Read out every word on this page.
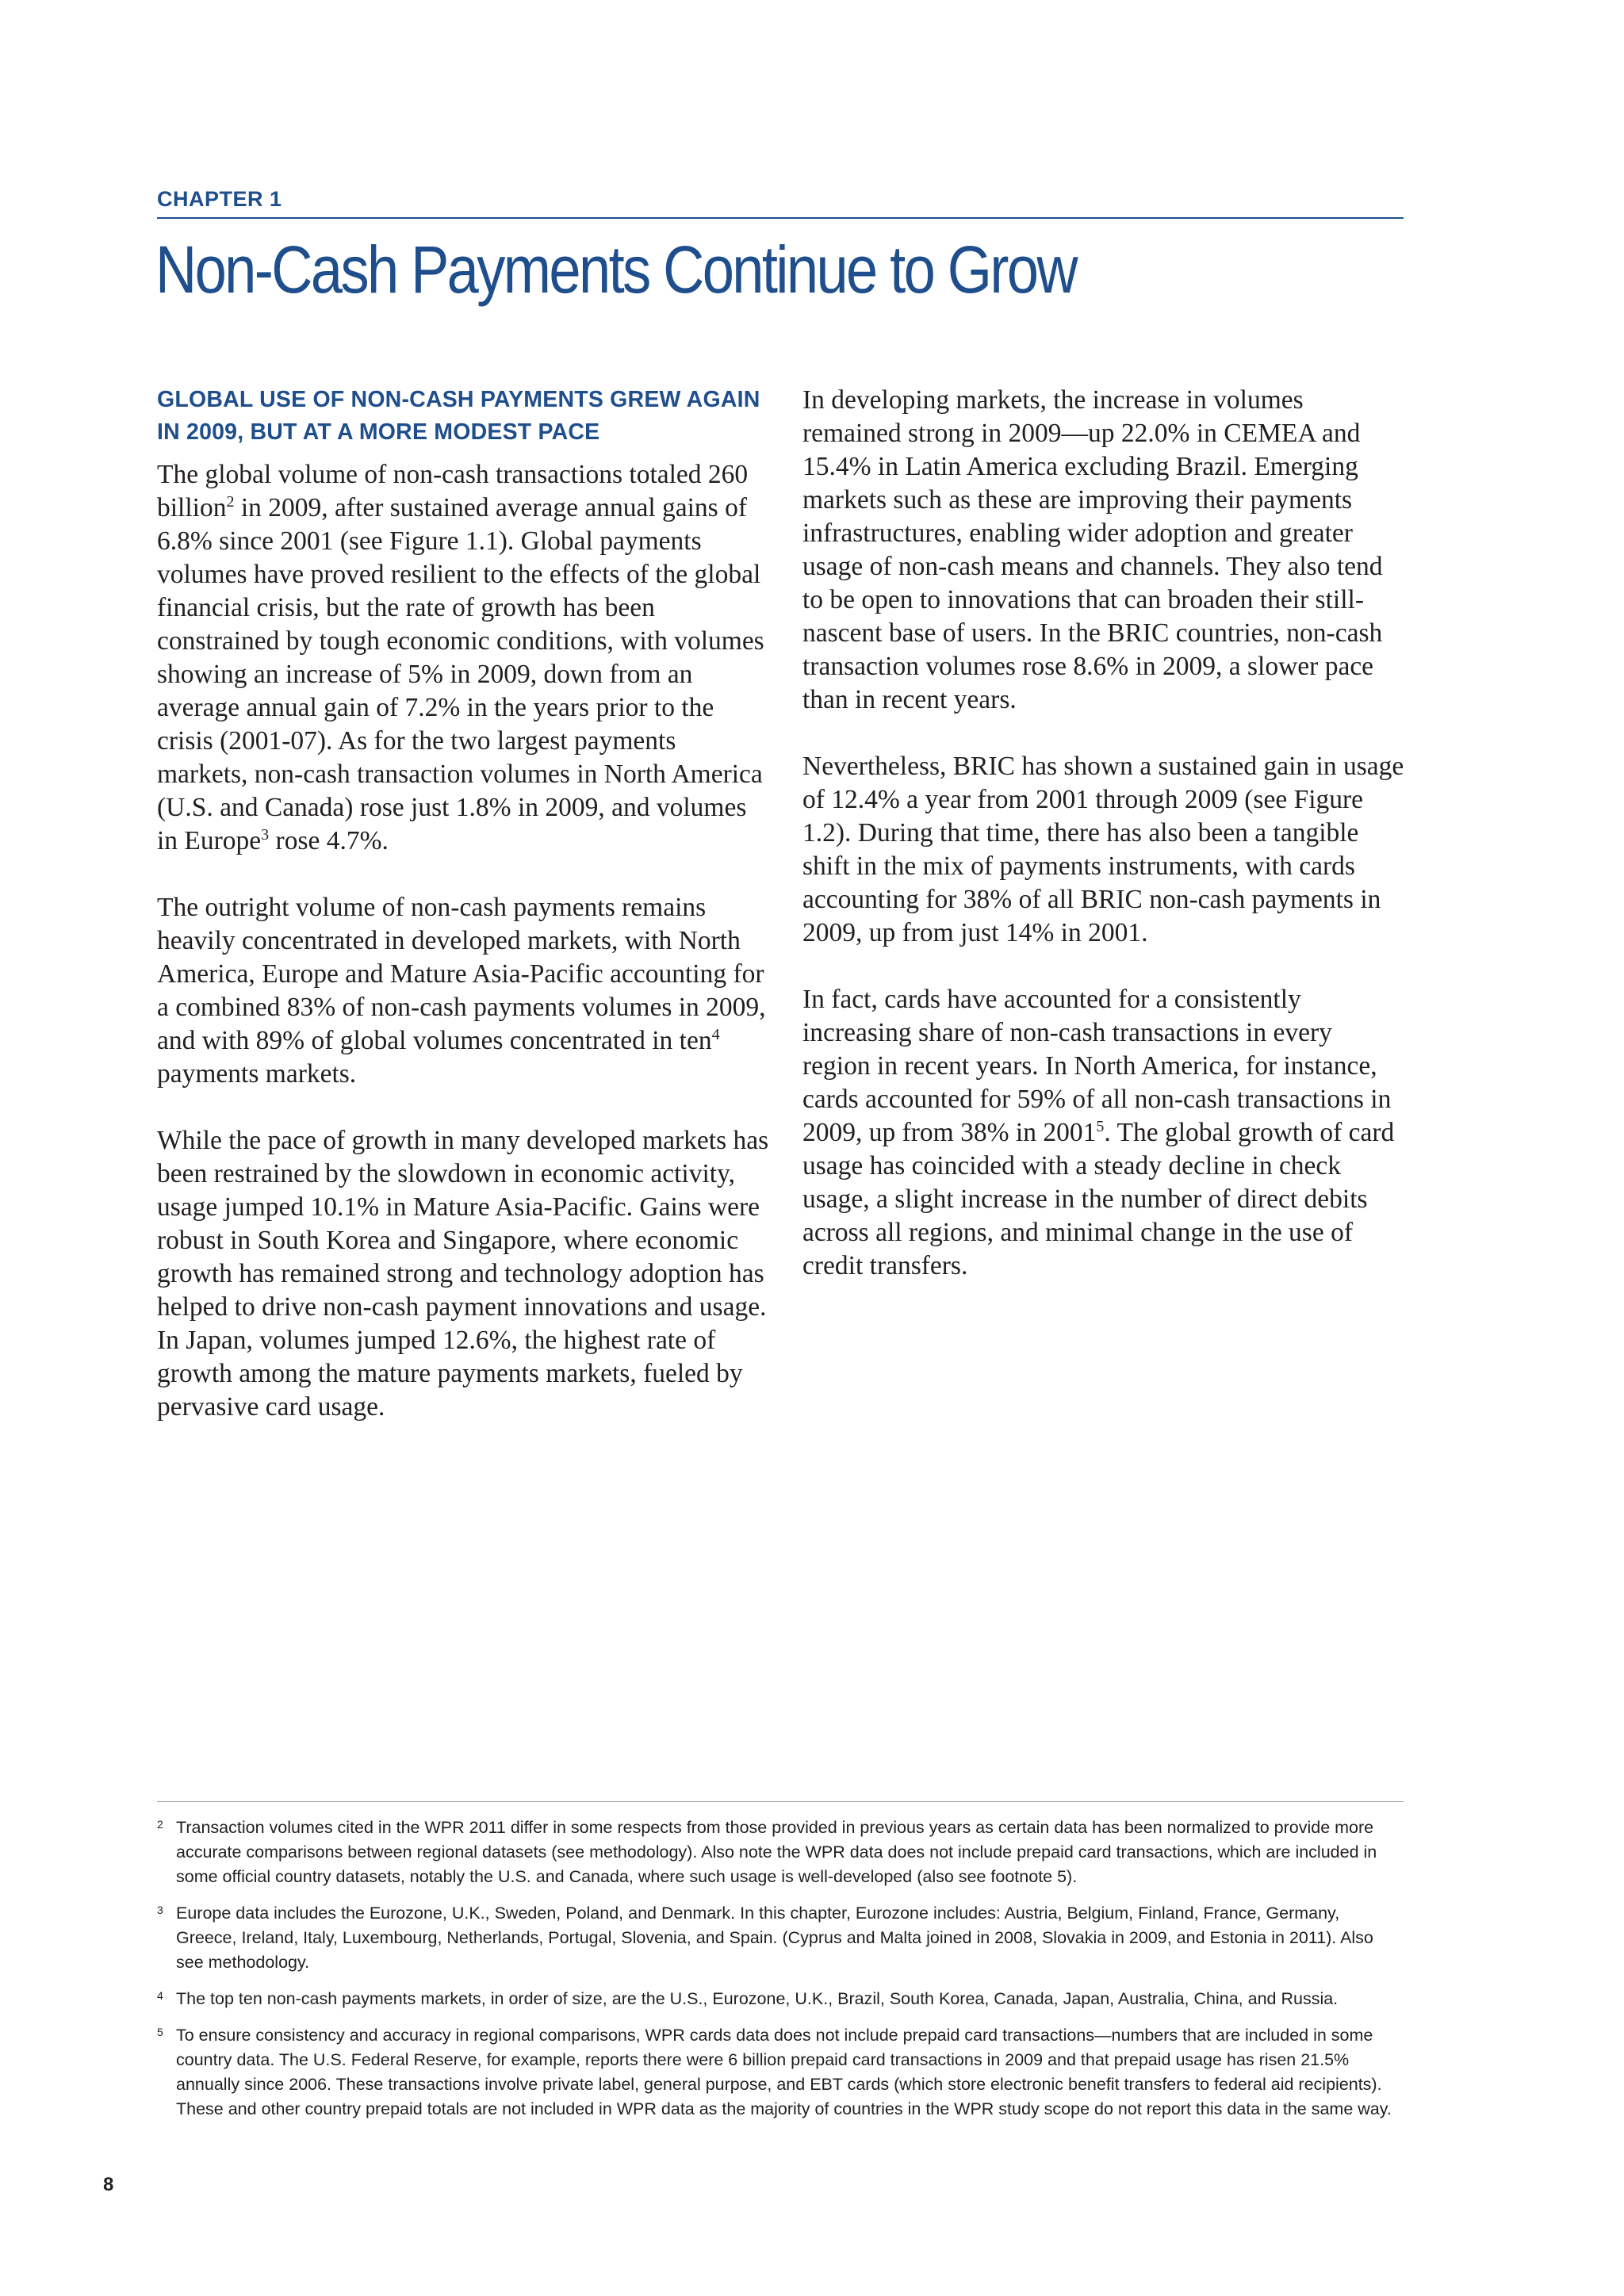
CHAPTER 1
Non-Cash Payments Continue to Grow
GLOBAL USE OF NON-CASH PAYMENTS GREW AGAIN IN 2009, BUT AT A MORE MODEST PACE

The global volume of non-cash transactions totaled 260 billion$^2$ in 2009, after sustained average annual gains of 6.8% since 2001 (see Figure 1.1). Global payments volumes have proved resilient to the effects of the global financial crisis, but the rate of growth has been constrained by tough economic conditions, with volumes showing an increase of 5% in 2009, down from an average annual gain of 7.2% in the years prior to the crisis (2001-07). As for the two largest payments markets, non-cash transaction volumes in North America (U.S. and Canada) rose just 1.8% in 2009, and volumes in Europe$^3$ rose 4.7%.

The outright volume of non-cash payments remains heavily concentrated in developed markets, with North America, Europe and Mature Asia-Pacific accounting for a combined 83% of non-cash payments volumes in 2009, and with 89% of global volumes concentrated in ten$^4$ payments markets.

While the pace of growth in many developed markets has been restrained by the slowdown in economic activity, usage jumped 10.1% in Mature Asia-Pacific. Gains were robust in South Korea and Singapore, where economic growth has remained strong and technology adoption has helped to drive non-cash payment innovations and usage. In Japan, volumes jumped 12.6%, the highest rate of growth among the mature payments markets, fueled by pervasive card usage.

In developing markets, the increase in volumes remained strong in 2009—up 22.0% in CEMEA and 15.4% in Latin America excluding Brazil. Emerging markets such as these are improving their payments infrastructures, enabling wider adoption and greater usage of non-cash means and channels. They also tend to be open to innovations that can broaden their still-nascent base of users. In the BRIC countries, non-cash transaction volumes rose 8.6% in 2009, a slower pace than in recent years.

Nevertheless, BRIC has shown a sustained gain in usage of 12.4% a year from 2001 through 2009 (see Figure 1.2). During that time, there has also been a tangible shift in the mix of payments instruments, with cards accounting for 38% of all BRIC non-cash payments in 2009, up from just 14% in 2001.

In fact, cards have accounted for a consistently increasing share of non-cash transactions in every region in recent years. In North America, for instance, cards accounted for 59% of all non-cash transactions in 2009, up from 38% in 2001$^5$. The global growth of card usage has coincided with a steady decline in check usage, a slight increase in the number of direct debits across all regions, and minimal change in the use of credit transfers.

2 Transaction volumes cited in the WPR 2011 differ in some respects from those provided in previous years as certain data has been normalized to provide more accurate comparisons between regional datasets (see methodology). Also note the WPR data does not include prepaid card transactions, which are included in some official country datasets, notably the U.S. and Canada, where such usage is well-developed (also see footnote 5).
3 Europe data includes the Eurozone, U.K., Sweden, Poland, and Denmark. In this chapter, Eurozone includes: Austria, Belgium, Finland, France, Germany, Greece, Ireland, Italy, Luxembourg, Netherlands, Portugal, Slovenia, and Spain. (Cyprus and Malta joined in 2008, Slovakia in 2009, and Estonia in 2011). Also see methodology.
4 The top ten non-cash payments markets, in order of size, are the U.S., Eurozone, U.K., Brazil, South Korea, Canada, Japan, Australia, China, and Russia.
5 To ensure consistency and accuracy in regional comparisons, WPR cards data does not include prepaid card transactions—numbers that are included in some country data. The U.S. Federal Reserve, for example, reports there were 6 billion prepaid card transactions in 2009 and that prepaid usage has risen 21.5% annually since 2006. These transactions involve private label, general purpose, and EBT cards (which store electronic benefit transfers to federal aid recipients). These and other country prepaid totals are not included in WPR data as the majority of countries in the WPR study scope do not report this data in the same way.
8
